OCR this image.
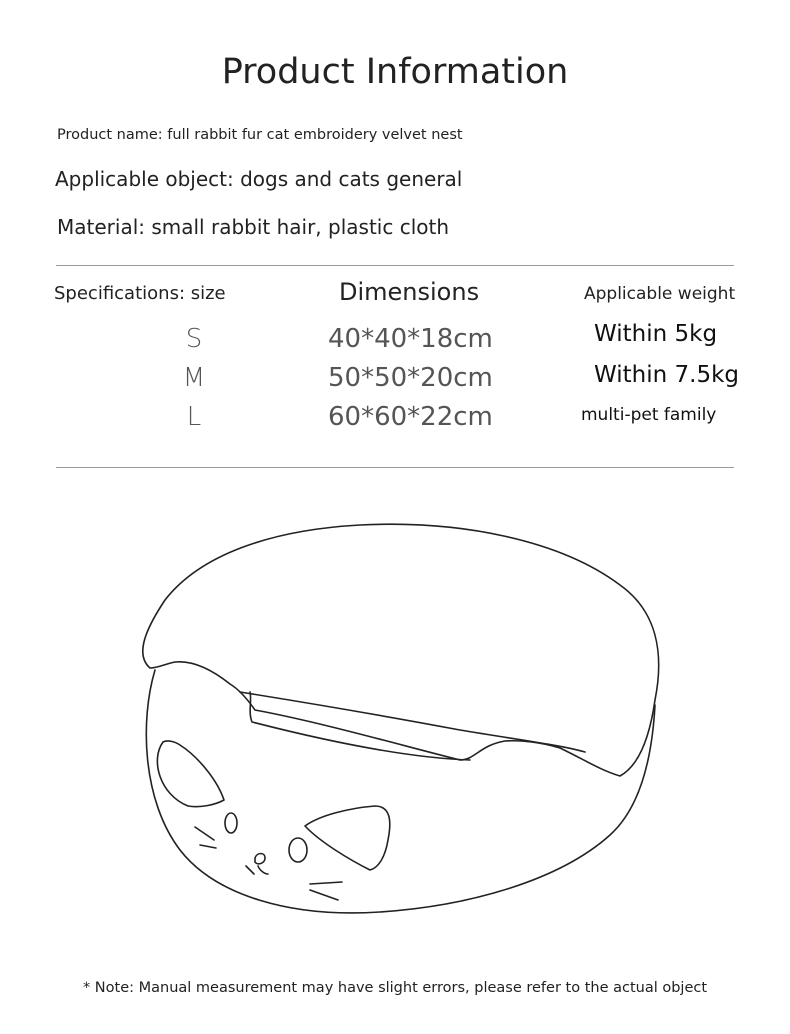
Product Information
Product name: full rabbit fur cat embroidery velvet nest
Applicable object: dogs and cats general
Material: small rabbit hair, plastic cloth
Specifications: size	Dimensions	Applicable weight
S	40*40*18cm	Within 5kg
M	50*50*20cm	Within 7.5kg
L	60*60*22cm	multi-pet family
* Note: Manual measurement may have slight errors, please refer to the actual object
